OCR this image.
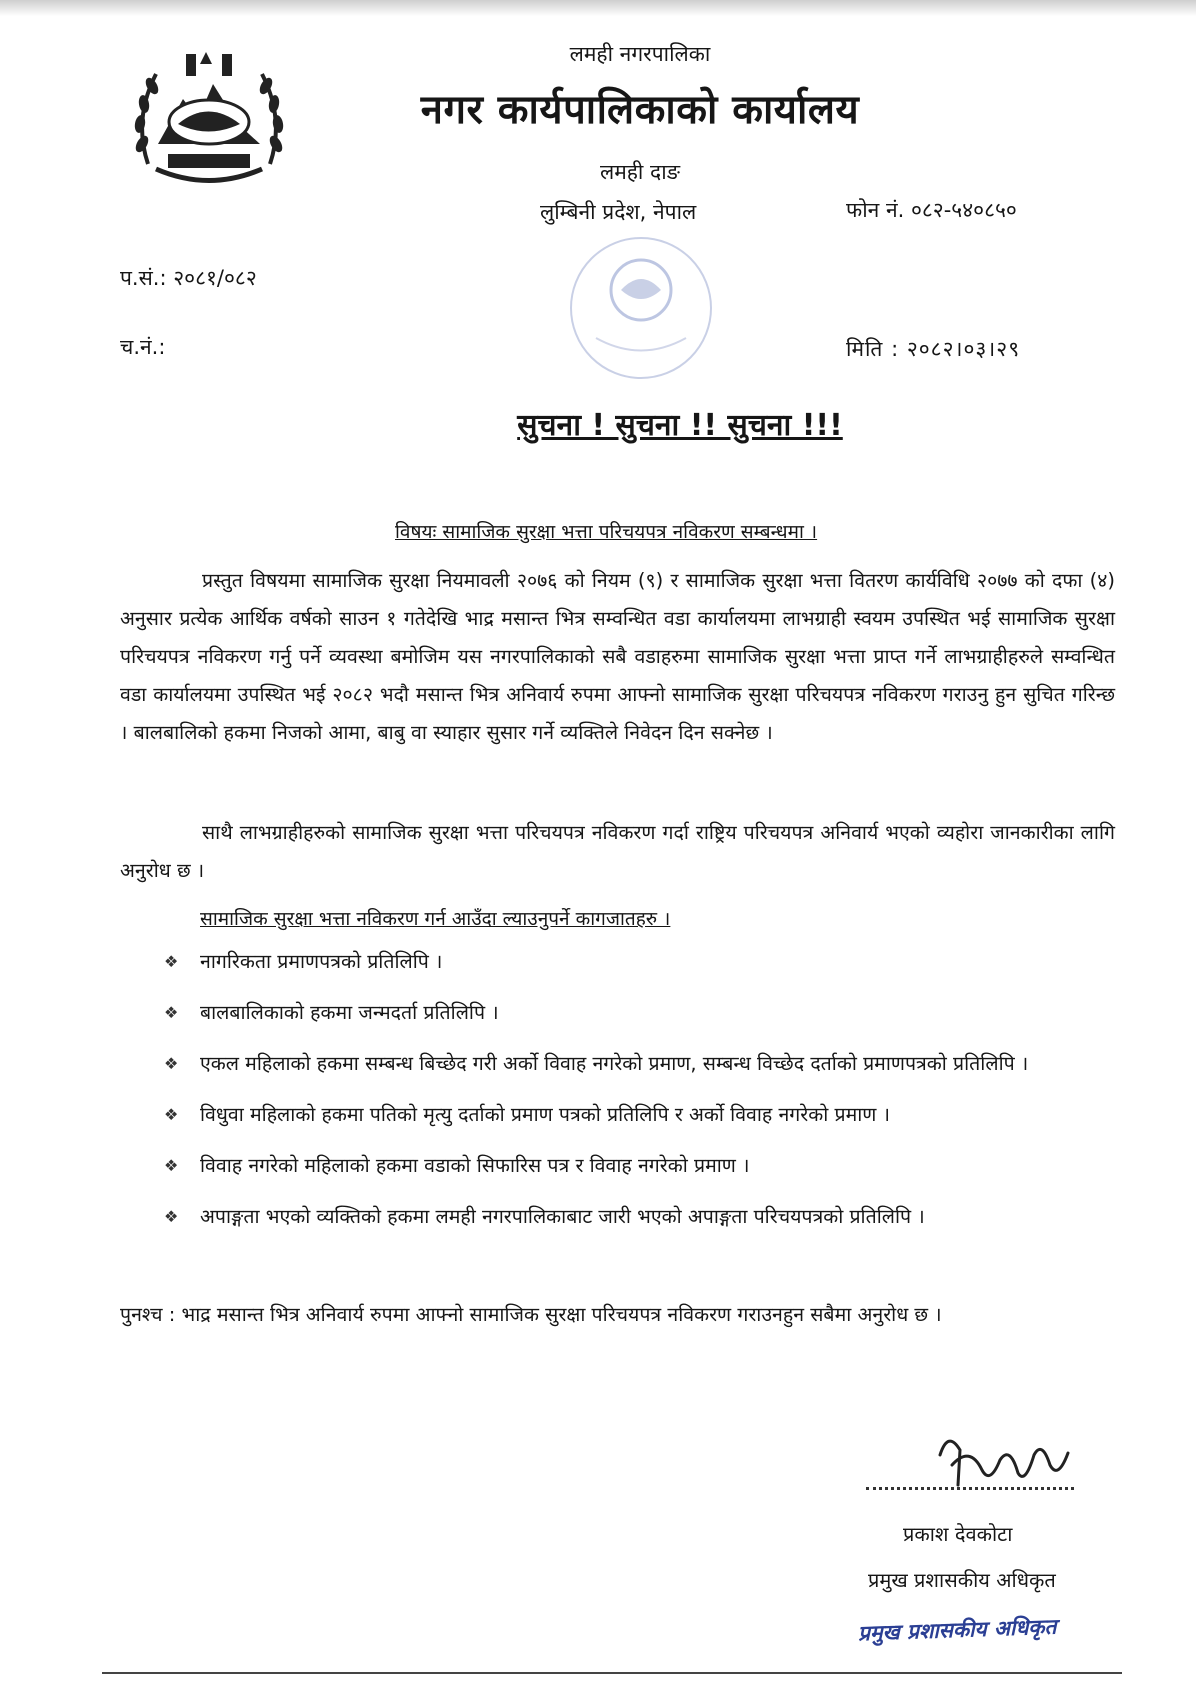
लमही नगरपालिका
नगर कार्यपालिकाको कार्यालय
लमही दाङ
लुम्बिनी प्रदेश, नेपाल	फोन नं. ०८२-५४०८५०
प.सं.: २०८१/०८२
च.नं.:	मिति : २०८२।०३।२९
सुचना ! सुचना !! सुचना !!!
विषयः सामाजिक सुरक्षा भत्ता परिचयपत्र नविकरण सम्बन्धमा ।
प्रस्तुत विषयमा सामाजिक सुरक्षा नियमावली २०७६ को नियम (९) र सामाजिक सुरक्षा भत्ता वितरण कार्यविधि २०७७ को दफा (४) अनुसार प्रत्येक आर्थिक वर्षको साउन १ गतेदेखि भाद्र मसान्त भित्र सम्वन्धित वडा कार्यालयमा लाभग्राही स्वयम उपस्थित भई सामाजिक सुरक्षा परिचयपत्र नविकरण गर्नु पर्ने व्यवस्था बमोजिम यस नगरपालिकाको सबै वडाहरुमा सामाजिक सुरक्षा भत्ता प्राप्त गर्ने लाभग्राहीहरुले सम्वन्धित वडा कार्यालयमा उपस्थित भई २०८२ भदौ मसान्त भित्र अनिवार्य रुपमा आफ्नो सामाजिक सुरक्षा परिचयपत्र नविकरण गराउनु हुन सुचित गरिन्छ । बालबालिको हकमा निजको आमा, बाबु वा स्याहार सुसार गर्ने व्यक्तिले निवेदन दिन सक्नेछ ।
साथै लाभग्राहीहरुको सामाजिक सुरक्षा भत्ता परिचयपत्र नविकरण गर्दा राष्ट्रिय परिचयपत्र अनिवार्य भएको व्यहोरा जानकारीका लागि अनुरोध छ ।
सामाजिक सुरक्षा भत्ता नविकरण गर्न आउँदा ल्याउनुपर्ने कागजातहरु ।
❖ नागरिकता प्रमाणपत्रको प्रतिलिपि ।
❖ बालबालिकाको हकमा जन्मदर्ता प्रतिलिपि ।
❖ एकल महिलाको हकमा सम्बन्ध बिच्छेद गरी अर्को विवाह नगरेको प्रमाण, सम्बन्ध विच्छेद दर्ताको प्रमाणपत्रको प्रतिलिपि ।
❖ विधुवा महिलाको हकमा पतिको मृत्यु दर्ताको प्रमाण पत्रको प्रतिलिपि र अर्को विवाह नगरेको प्रमाण ।
❖ विवाह नगरेको महिलाको हकमा वडाको सिफारिस पत्र र विवाह नगरेको प्रमाण ।
❖ अपाङ्गता भएको व्यक्तिको हकमा लमही नगरपालिकाबाट जारी भएको अपाङ्गता परिचयपत्रको प्रतिलिपि ।
पुनश्च : भाद्र मसान्त भित्र अनिवार्य रुपमा आफ्नो सामाजिक सुरक्षा परिचयपत्र नविकरण गराउनहुन सबैमा अनुरोध छ ।
प्रकाश देवकोटा
प्रमुख प्रशासकीय अधिकृत
प्रमुख प्रशासकीय अधिकृत
